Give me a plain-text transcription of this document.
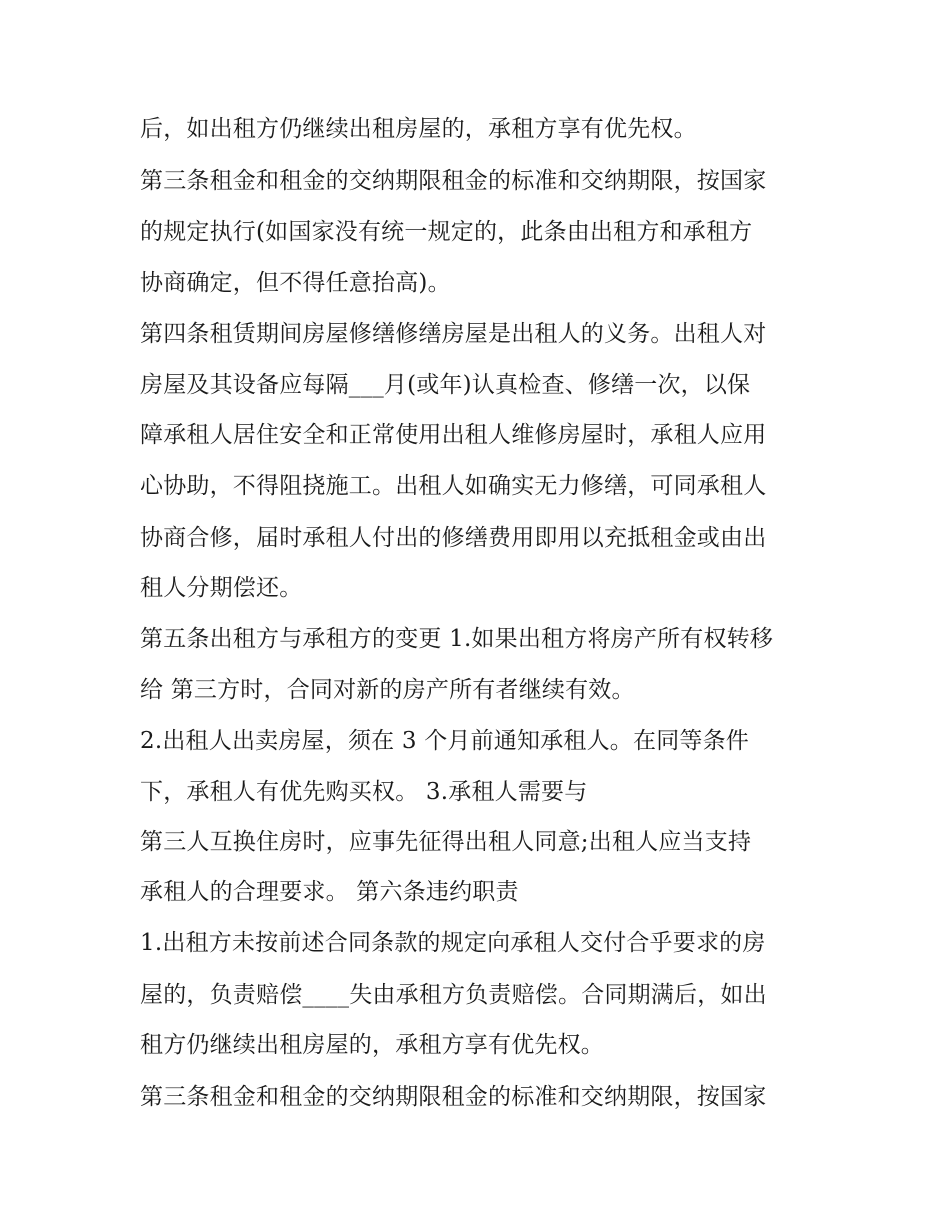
后，如出租方仍继续出租房屋的，承租方享有优先权。
第三条租金和租金的交纳期限租金的标准和交纳期限，按国家
的规定执行(如国家没有统一规定的，此条由出租方和承租方
协商确定，但不得任意抬高)。
第四条租赁期间房屋修缮修缮房屋是出租人的义务。出租人对
房屋及其设备应每隔___月(或年)认真检查、修缮一次，以保
障承租人居住安全和正常使用出租人维修房屋时，承租人应用
心协助，不得阻挠施工。出租人如确实无力修缮，可同承租人
协商合修，届时承租人付出的修缮费用即用以充抵租金或由出
租人分期偿还。
第五条出租方与承租方的变更 1.如果出租方将房产所有权转移
给 第三方时，合同对新的房产所有者继续有效。
2.出租人出卖房屋，须在 3 个月前通知承租人。在同等条件
下，承租人有优先购买权。 3.承租人需要与
第三人互换住房时，应事先征得出租人同意;出租人应当支持
承租人的合理要求。 第六条违约职责
1.出租方未按前述合同条款的规定向承租人交付合乎要求的房
屋的，负责赔偿____失由承租方负责赔偿。合同期满后，如出
租方仍继续出租房屋的，承租方享有优先权。
第三条租金和租金的交纳期限租金的标准和交纳期限，按国家
